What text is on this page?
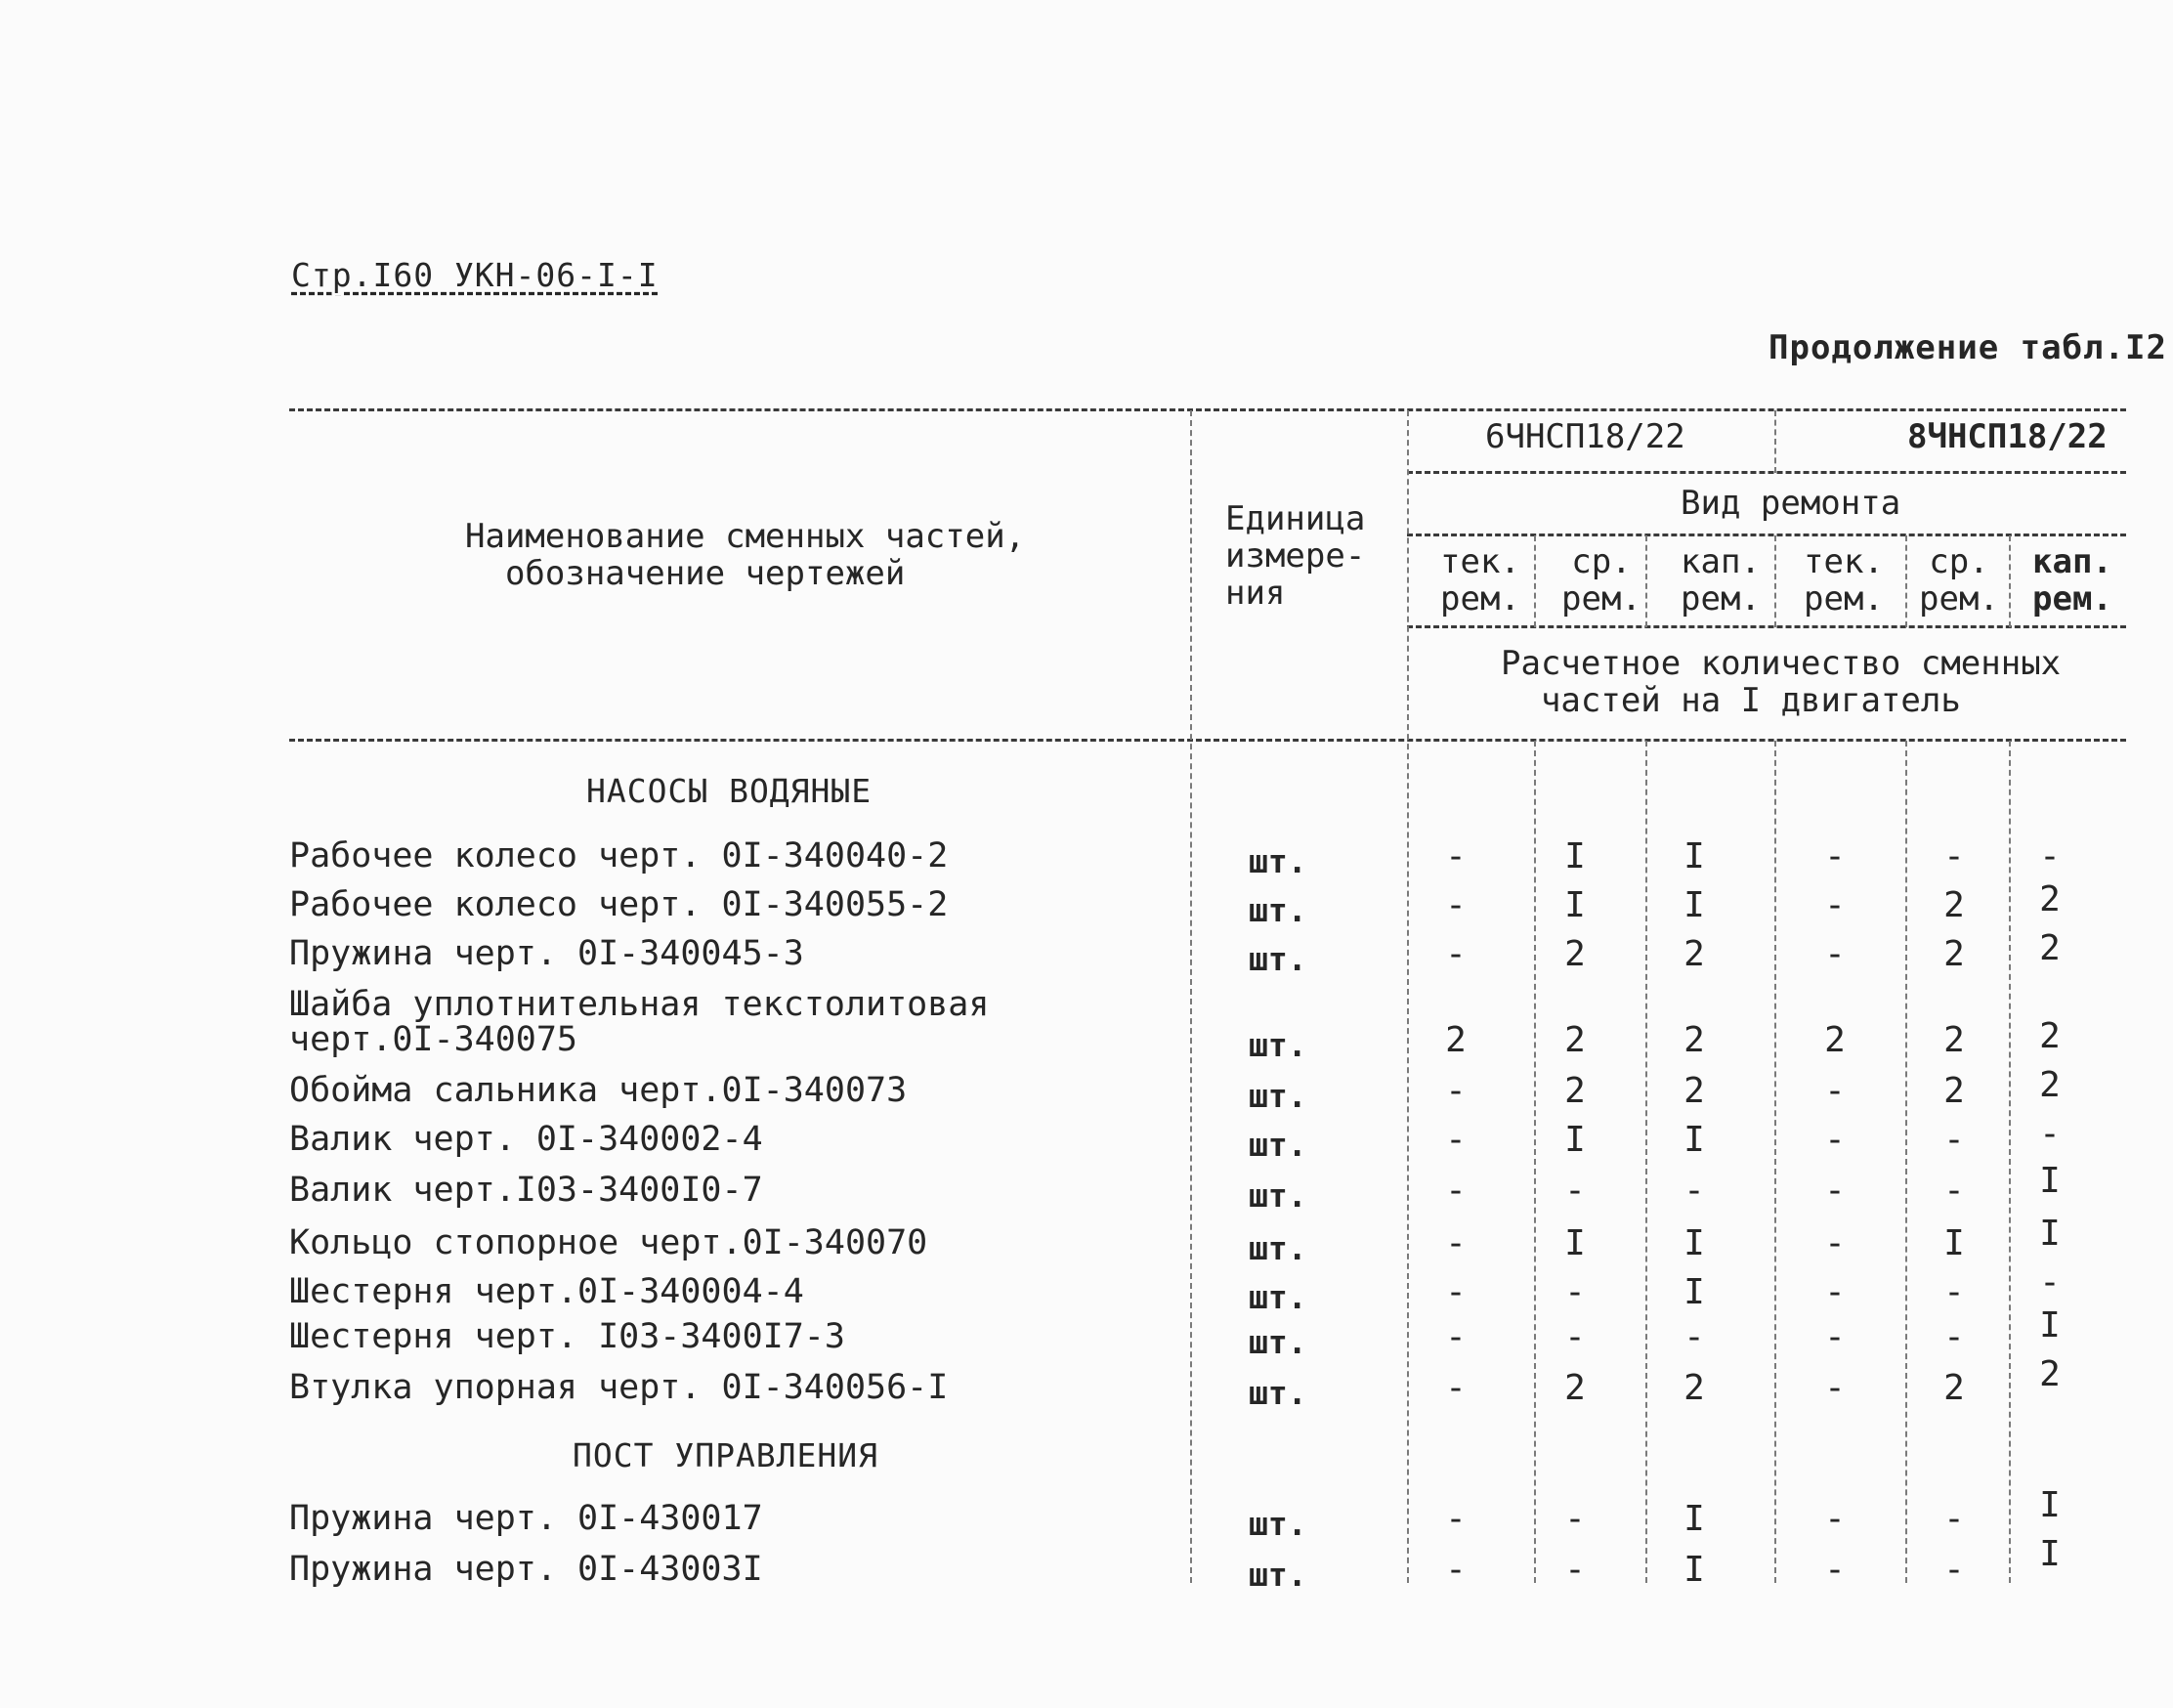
Стр.I60 УКН-06-I-I
Продолжение табл.I2
Наименование сменных частей,
обозначение чертежей
Единица
измере-
ния
6ЧНСП18/22	8ЧНСП18/22
Вид ремонта
тек.
рем.
ср.
рем.
кап.
рем.
тек.
рем.
ср.
рем.
кап.
рем.
Расчетное количество сменных
частей на I двигатель
НАСОСЫ ВОДЯНЫЕ
Рабочее колесо черт. 0I-340040-2	шт.	-	I	I	-	-	-
Рабочее колесо черт. 0I-340055-2	шт.	-	I	I	-	2	2
Пружина черт. 0I-340045-3	шт.	-	2	2	-	2	2
Шайба уплотнительная текстолитовая
черт.0I-340075	шт.	2	2	2	2	2	2
Обойма сальника черт.0I-340073	шт.	-	2	2	-	2	2
Валик черт. 0I-340002-4	шт.	-	I	I	-	-	-
Валик черт.I03-3400I0-7	шт.	-	-	-	-	-	I
Кольцо стопорное черт.0I-340070	шт.	-	I	I	-	I	I
Шестерня черт.0I-340004-4	шт.	-	-	I	-	-	-
Шестерня черт. I03-3400I7-3	шт.	-	-	-	-	-	I
Втулка упорная черт. 0I-340056-I	шт.	-	2	2	-	2	2
ПОСТ УПРАВЛЕНИЯ
Пружина черт. 0I-430017	шт.	-	-	I	-	-	I
Пружина черт. 0I-43003I	шт.	-	-	I	-	-	I
